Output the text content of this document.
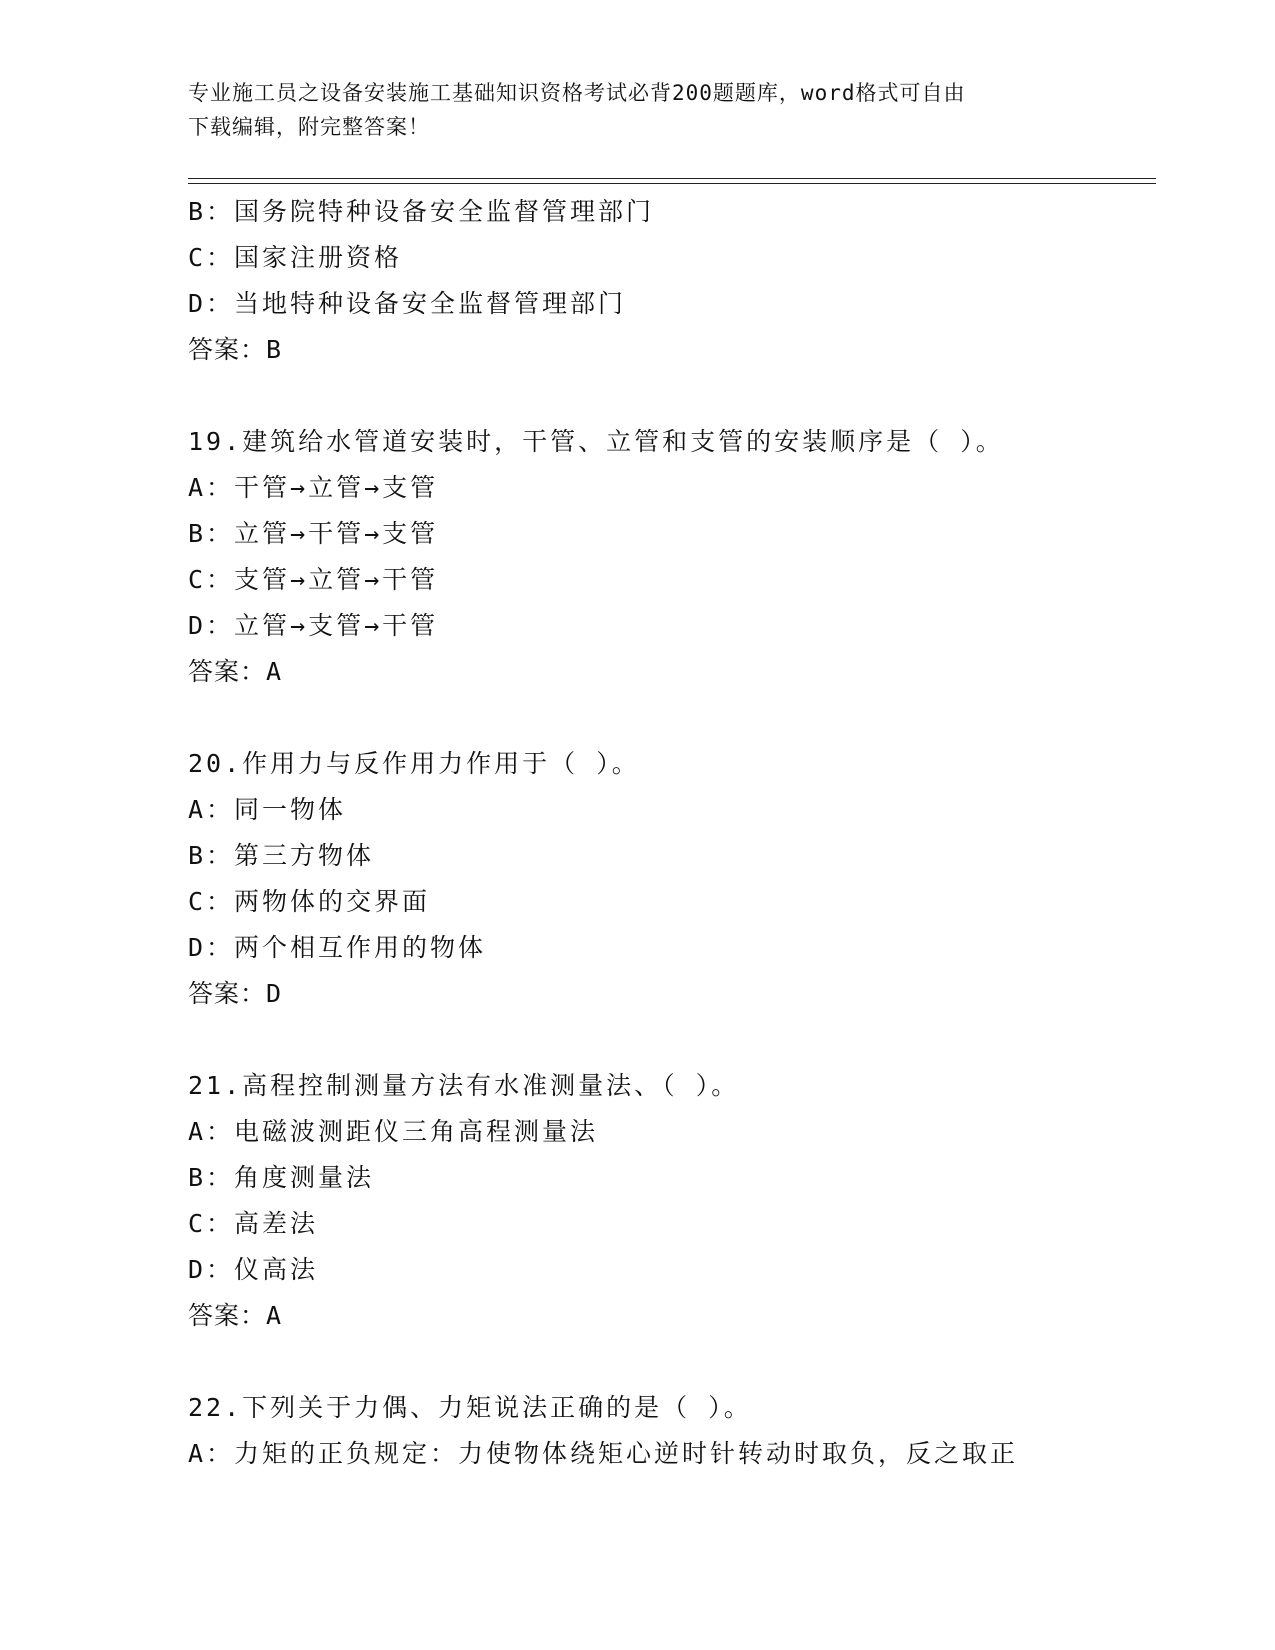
专业施工员之设备安装施工基础知识资格考试必背200题题库，word格式可自由
下载编辑，附完整答案！
B：国务院特种设备安全监督管理部门
C：国家注册资格
D：当地特种设备安全监督管理部门
答案：B
19.建筑给水管道安装时，干管、立管和支管的安装顺序是（ ）。
A：干管→立管→支管
B：立管→干管→支管
C：支管→立管→干管
D：立管→支管→干管
答案：A
20.作用力与反作用力作用于（ ）。
A：同一物体
B：第三方物体
C：两物体的交界面
D：两个相互作用的物体
答案：D
21.高程控制测量方法有水准测量法、（ ）。
A：电磁波测距仪三角高程测量法
B：角度测量法
C：高差法
D：仪高法
答案：A
22.下列关于力偶、力矩说法正确的是（ ）。
A：力矩的正负规定：力使物体绕矩心逆时针转动时取负，反之取正
